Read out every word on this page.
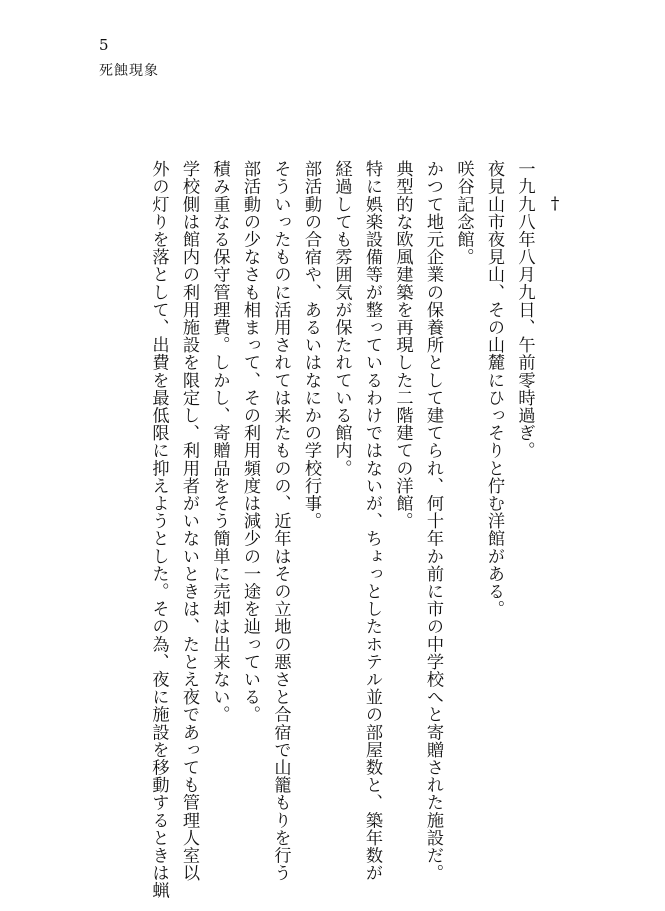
5
死蝕現象
†
一九九八年八月九日、午前零時過ぎ。
夜見山市夜見山、その山麓にひっそりと佇む洋館がある。
咲谷記念館。
かつて地元企業の保養所として建てられ、何十年か前に市の中学校へと寄贈された施設だ。
典型的な欧風建築を再現した二階建ての洋館。
特に娯楽設備等が整っているわけではないが、ちょっとしたホテル並の部屋数と、築年数が
経過しても雰囲気が保たれている館内。
部活動の合宿や、あるいはなにかの学校行事。
そういったものに活用されては来たものの、近年はその立地の悪さと合宿で山籠もりを行う
部活動の少なさも相まって、その利用頻度は減少の一途を辿っている。
積み重なる保守管理費。しかし、寄贈品をそう簡単に売却は出来ない。
学校側は館内の利用施設を限定し、利用者がいないときは、たとえ夜であっても管理人室以
外の灯りを落として、出費を最低限に抑えようとした。その為、夜に施設を移動するときは蝋
